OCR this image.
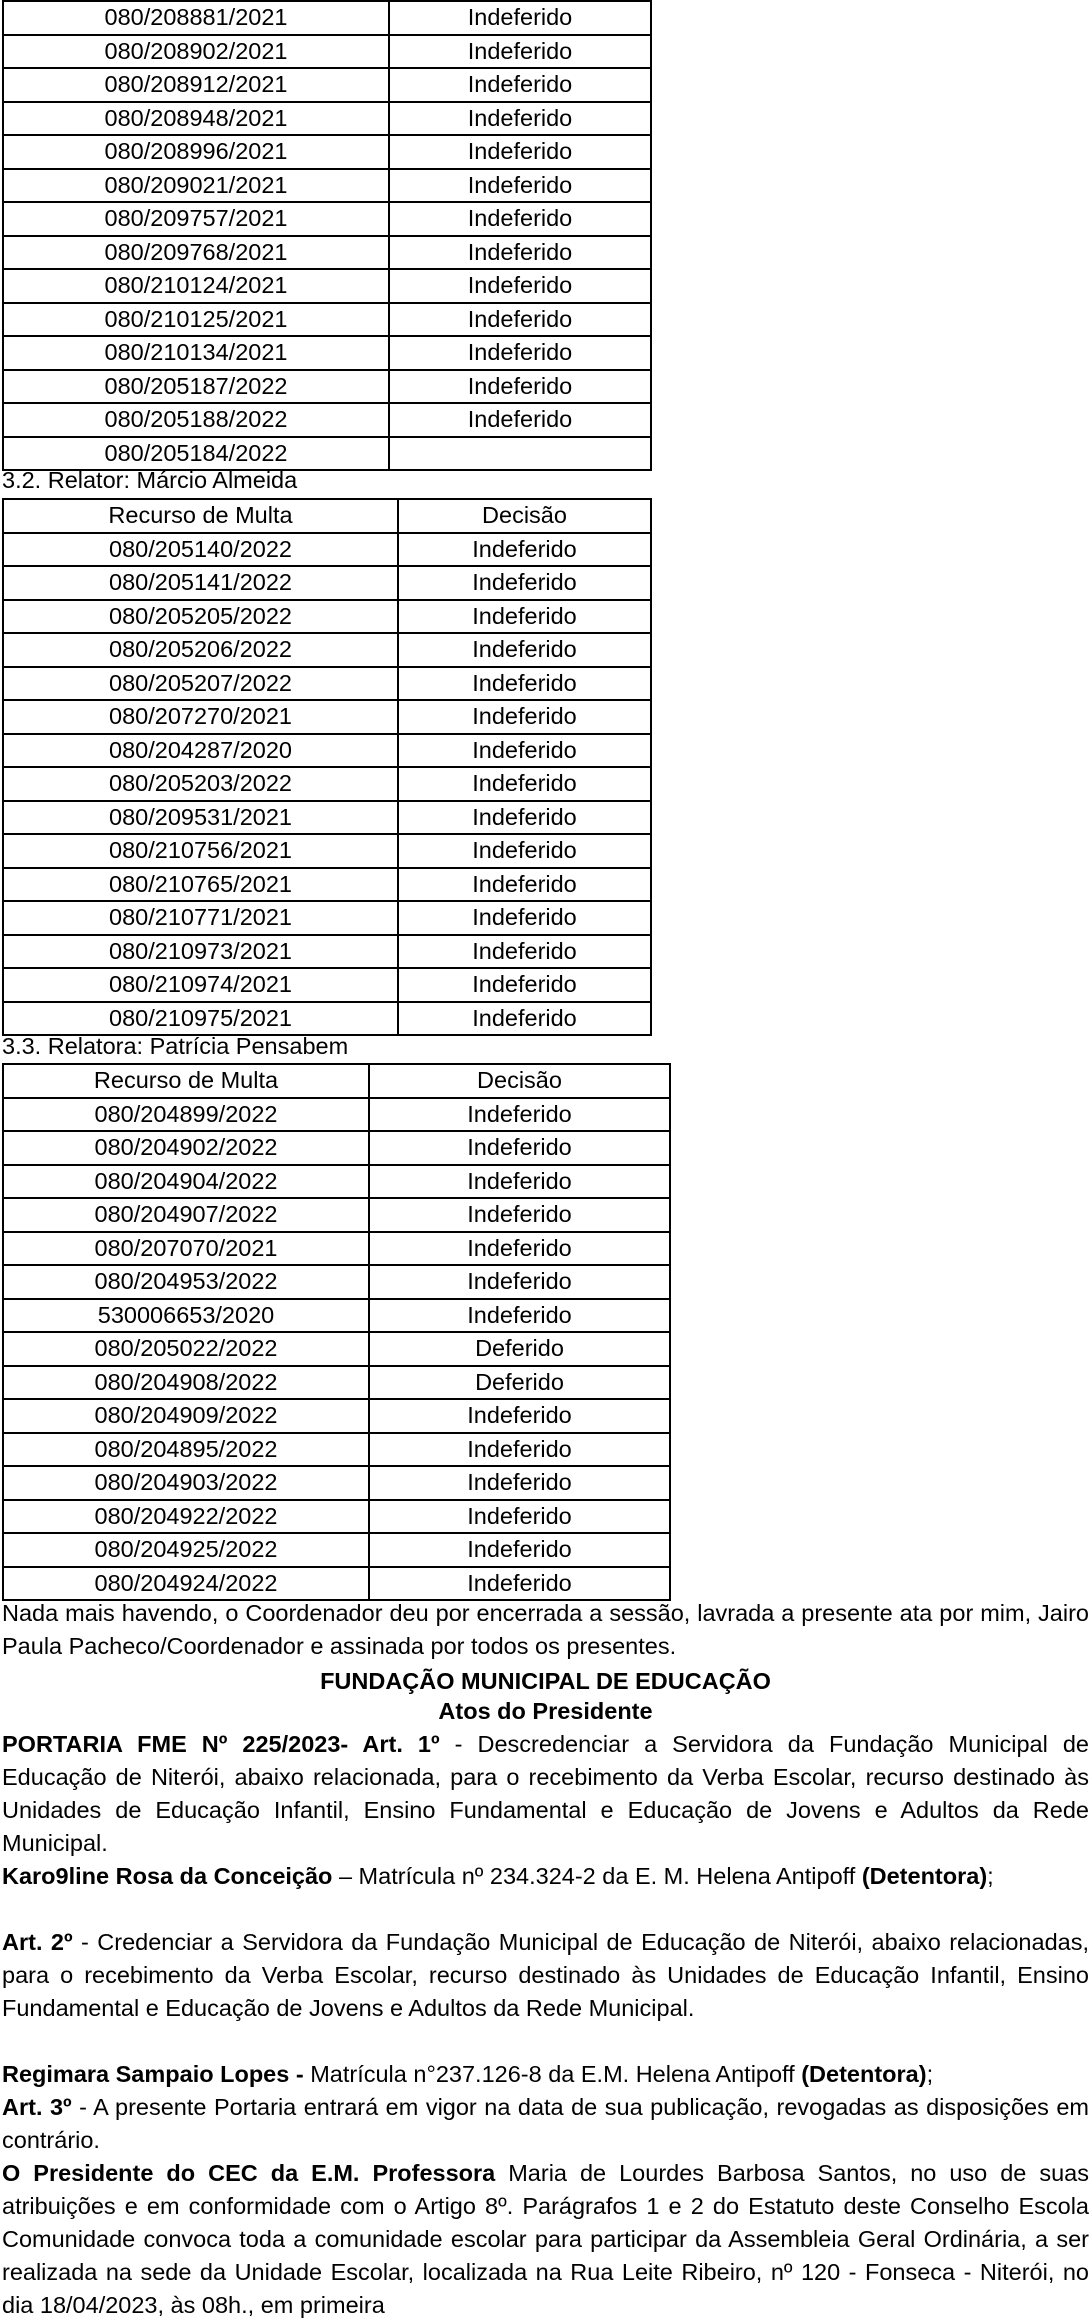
080/208881/2021	Indeferido
080/208902/2021	Indeferido
080/208912/2021	Indeferido
080/208948/2021	Indeferido
080/208996/2021	Indeferido
080/209021/2021	Indeferido
080/209757/2021	Indeferido
080/209768/2021	Indeferido
080/210124/2021	Indeferido
080/210125/2021	Indeferido
080/210134/2021	Indeferido
080/205187/2022	Indeferido
080/205188/2022	Indeferido
080/205184/2022	
3.2. Relator: Márcio Almeida
Recurso de Multa	Decisão
080/205140/2022	Indeferido
080/205141/2022	Indeferido
080/205205/2022	Indeferido
080/205206/2022	Indeferido
080/205207/2022	Indeferido
080/207270/2021	Indeferido
080/204287/2020	Indeferido
080/205203/2022	Indeferido
080/209531/2021	Indeferido
080/210756/2021	Indeferido
080/210765/2021	Indeferido
080/210771/2021	Indeferido
080/210973/2021	Indeferido
080/210974/2021	Indeferido
080/210975/2021	Indeferido
3.3. Relatora: Patrícia Pensabem
Recurso de Multa	Decisão
080/204899/2022	Indeferido
080/204902/2022	Indeferido
080/204904/2022	Indeferido
080/204907/2022	Indeferido
080/207070/2021	Indeferido
080/204953/2022	Indeferido
530006653/2020	Indeferido
080/205022/2022	Deferido
080/204908/2022	Deferido
080/204909/2022	Indeferido
080/204895/2022	Indeferido
080/204903/2022	Indeferido
080/204922/2022	Indeferido
080/204925/2022	Indeferido
080/204924/2022	Indeferido
Nada mais havendo, o Coordenador deu por encerrada a sessão, lavrada a presente ata por mim, Jairo Paula Pacheco/Coordenador e assinada por todos os presentes.
FUNDAÇÃO MUNICIPAL DE EDUCAÇÃO
Atos do Presidente
PORTARIA FME Nº 225/2023- Art. 1º - Descredenciar a Servidora da Fundação Municipal de Educação de Niterói, abaixo relacionada, para o recebimento da Verba Escolar, recurso destinado às Unidades de Educação Infantil, Ensino Fundamental e Educação de Jovens e Adultos da Rede Municipal.
Karo9line Rosa da Conceição – Matrícula nº 234.324-2 da E. M. Helena Antipoff (Detentora);
Art. 2º - Credenciar a Servidora da Fundação Municipal de Educação de Niterói, abaixo relacionadas, para o recebimento da Verba Escolar, recurso destinado às Unidades de Educação Infantil, Ensino Fundamental e Educação de Jovens e Adultos da Rede Municipal.
Regimara Sampaio Lopes - Matrícula n°237.126-8 da E.M. Helena Antipoff (Detentora);
Art. 3º - A presente Portaria entrará em vigor na data de sua publicação, revogadas as disposições em contrário.
O Presidente do CEC da E.M. Professora Maria de Lourdes Barbosa Santos, no uso de suas atribuições e em conformidade com o Artigo 8º. Parágrafos 1 e 2 do Estatuto deste Conselho Escola Comunidade convoca toda a comunidade escolar para participar da Assembleia Geral Ordinária, a ser realizada na sede da Unidade Escolar, localizada na Rua Leite Ribeiro, nº 120 - Fonseca - Niterói, no dia 18/04/2023, às 08h., em primeira
